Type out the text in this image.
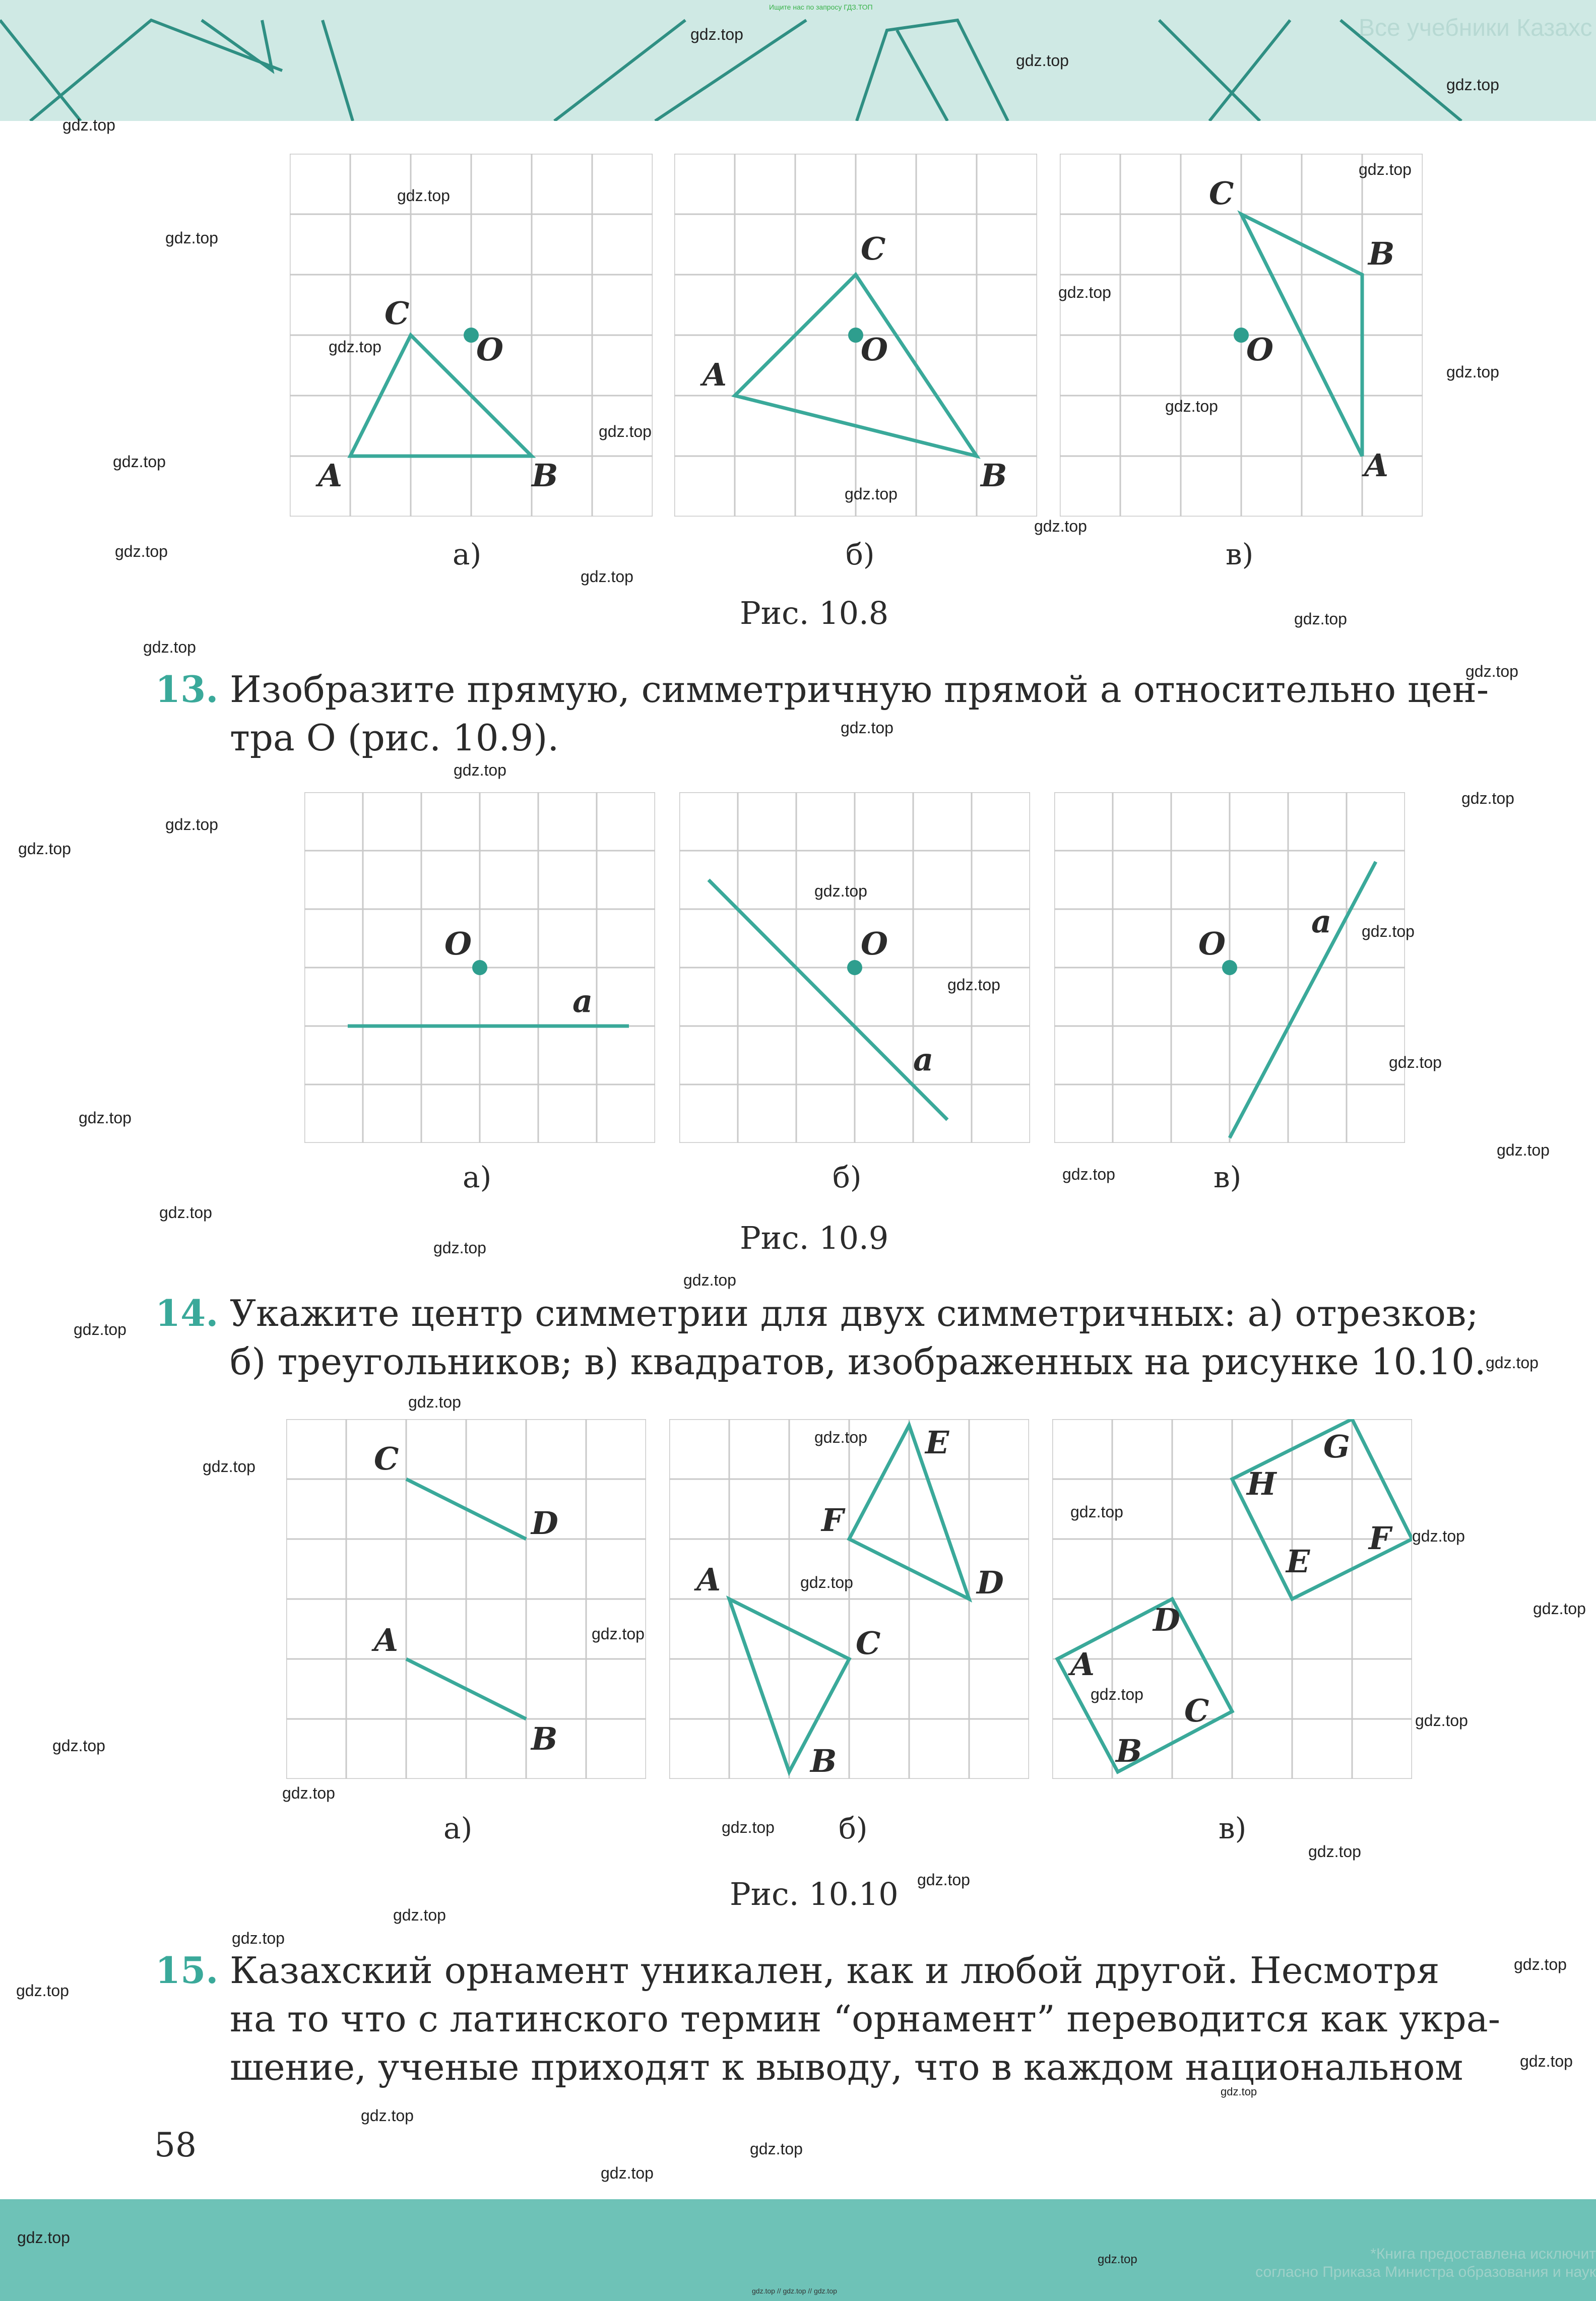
Ищите нас по запросу ГДЗ.ТОП
Все учебники Казахс
C
O
A	B
C
O
A
B
C
B
O
A
а)	б)	в)
Рис. 10.8
13. Изобразите прямую, симметричную прямой a относительно цен-
тра O (рис. 10.9).
O
a
O
a
O
a
а)	б)	в)
Рис. 10.9
14. Укажите центр симметрии для двух симметричных: а) отрезков;
б) треугольников; в) квадратов, изображенных на рисунке 10.10.
C
D
A
B
E
F
D
A
C
B
G
H
F
E
D
A
C
B
а)	б)	в)
Рис. 10.10
15. Казахский орнамент уникален, как и любой другой. Несмотря
на то что с латинского термин “орнамент” переводится как укра-
шение, ученые приходят к выводу, что в каждом национальном
58
*Книга предоставлена исключит
согласно Приказа Министра образования и наук
gdz.top // gdz.top // gdz.top
gdz.top
gdz.top
gdz.top
gdz.top
gdz.top
gdz.top
gdz.top
gdz.top
gdz.top
gdz.top
gdz.top
gdz.top
gdz.top
gdz.top
gdz.top
gdz.top
gdz.top
gdz.top
gdz.top
gdz.top
gdz.top
gdz.top
gdz.top
gdz.top
gdz.top
gdz.top
gdz.top
gdz.top
gdz.top
gdz.top
gdz.top
gdz.top
gdz.top
gdz.top
gdz.top
gdz.top
gdz.top
gdz.top
gdz.top
gdz.top
gdz.top
gdz.top
gdz.top
gdz.top
gdz.top
gdz.top
gdz.top
gdz.top
gdz.top
gdz.top
gdz.top
gdz.top
gdz.top
gdz.top
gdz.top
gdz.top
gdz.top
gdz.top
gdz.top
gdz.top
gdz.top
gdz.top
gdz.top
